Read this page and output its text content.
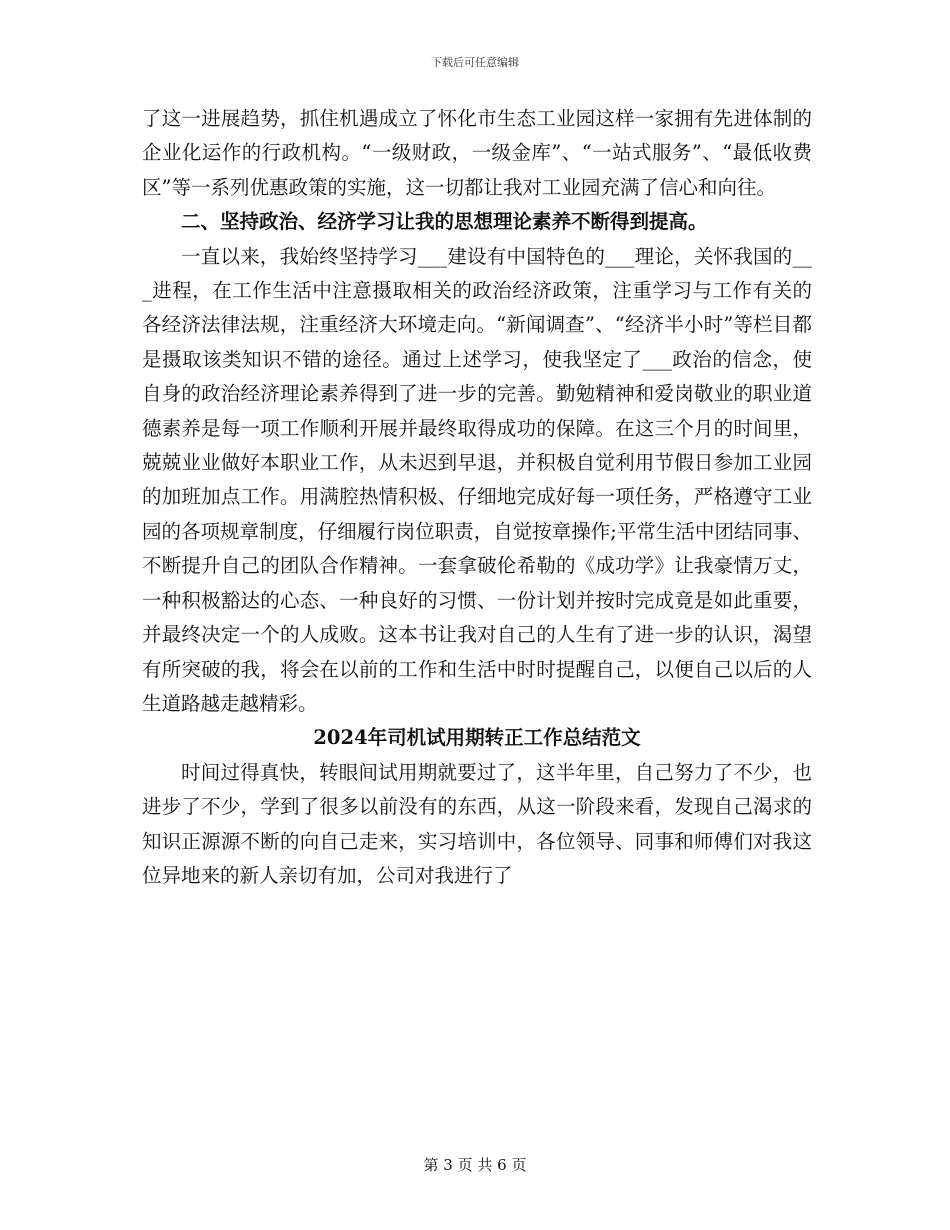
下载后可任意编辑

了这一进展趋势，抓住机遇成立了怀化市生态工业园这样一家拥有先进体制的企业化运作的行政机构。“一级财政，一级金库”、“一站式服务”、“最低收费区”等一系列优惠政策的实施，这一切都让我对工业园充满了信心和向往。

二、坚持政治、经济学习让我的思想理论素养不断得到提高。

一直以来，我始终坚持学习___建设有中国特色的___理论，关怀我国的___进程，在工作生活中注意摄取相关的政治经济政策，注重学习与工作有关的各经济法律法规，注重经济大环境走向。“新闻调查”、“经济半小时”等栏目都是摄取该类知识不错的途径。通过上述学习，使我坚定了___政治的信念，使自身的政治经济理论素养得到了进一步的完善。勤勉精神和爱岗敬业的职业道德素养是每一项工作顺利开展并最终取得成功的保障。在这三个月的时间里，兢兢业业做好本职业工作，从未迟到早退，并积极自觉利用节假日参加工业园的加班加点工作。用满腔热情积极、仔细地完成好每一项任务，严格遵守工业园的各项规章制度，仔细履行岗位职责，自觉按章操作;平常生活中团结同事、不断提升自己的团队合作精神。一套拿破伦希勒的《成功学》让我豪情万丈，一种积极豁达的心态、一种良好的习惯、一份计划并按时完成竟是如此重要，并最终决定一个的人成败。这本书让我对自己的人生有了进一步的认识，渴望有所突破的我，将会在以前的工作和生活中时时提醒自己，以便自己以后的人生道路越走越精彩。

2024年司机试用期转正工作总结范文

时间过得真快，转眼间试用期就要过了，这半年里，自己努力了不少，也进步了不少，学到了很多以前没有的东西，从这一阶段来看，发现自己渴求的知识正源源不断的向自己走来，实习培训中，各位领导、同事和师傅们对我这位异地来的新人亲切有加，公司对我进行了

第 3 页 共 6 页
